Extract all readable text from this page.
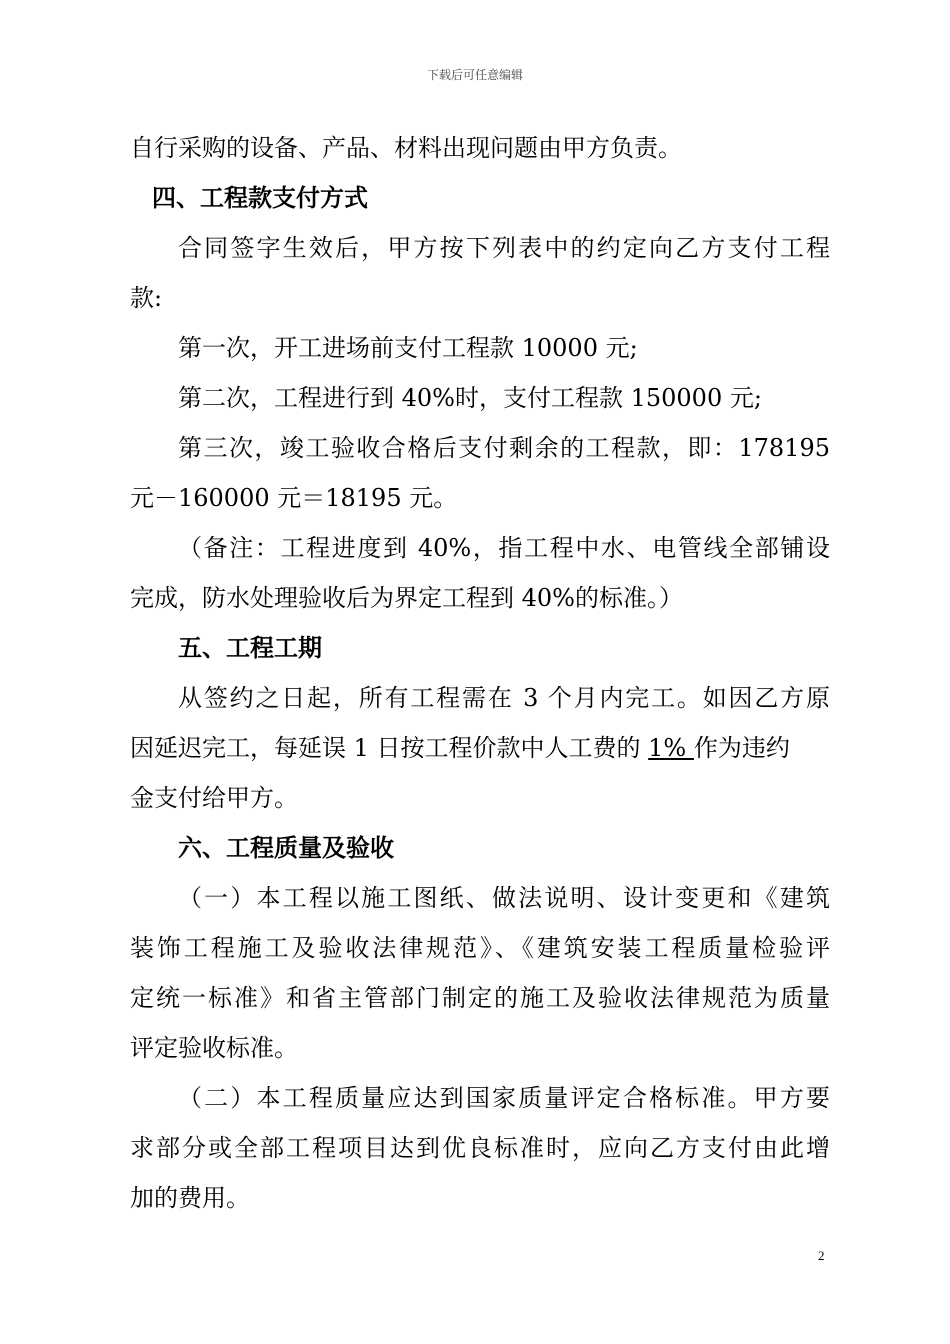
下载后可任意编辑
自行采购的设备、产品、材料出现问题由甲方负责。
四、工程款支付方式
合同签字生效后，甲方按下列表中的约定向乙方支付工程
款:
第一次，开工进场前支付工程款 10000 元;
第二次，工程进行到 40%时，支付工程款 150000 元;
第三次，竣工验收合格后支付剩余的工程款，即：178195
元－160000 元＝18195 元。
（备注：工程进度到 40%，指工程中水、电管线全部铺设
完成，防水处理验收后为界定工程到 40%的标准。）
五、工程工期
从签约之日起，所有工程需在 3 个月内完工。如因乙方原
因延迟完工，每延误 1 日按工程价款中人工费的 1% 作为违约
金支付给甲方。
六、工程质量及验收
（一）本工程以施工图纸、做法说明、设计变更和《建筑
装饰工程施工及验收法律规范》、《建筑安装工程质量检验评
定统一标准》和省主管部门制定的施工及验收法律规范为质量
评定验收标准。
（二）本工程质量应达到国家质量评定合格标准。甲方要
求部分或全部工程项目达到优良标准时，应向乙方支付由此增
加的费用。
2
